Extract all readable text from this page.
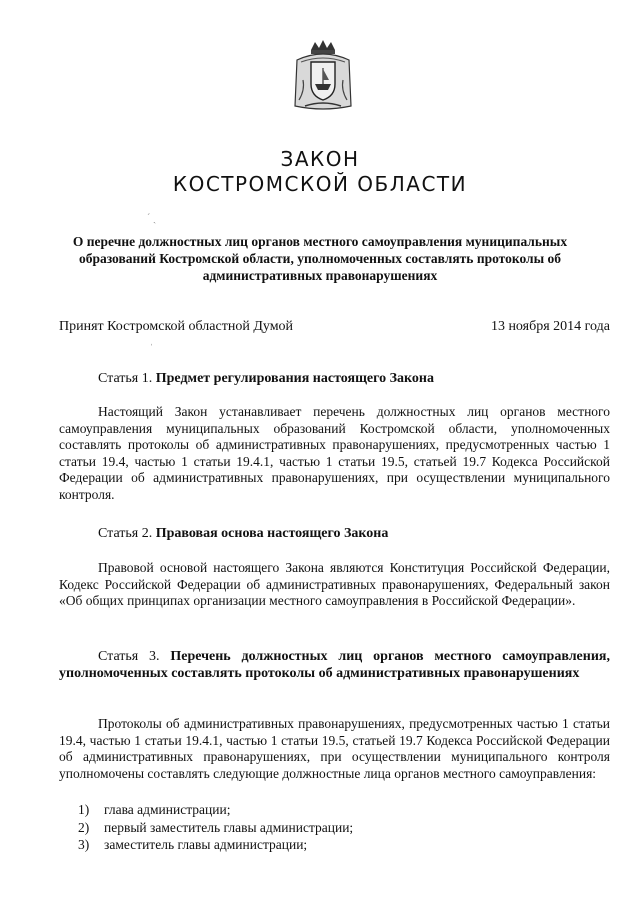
ЗАКОН
КОСТРОМСКОЙ ОБЛАСТИ
ˊ ˎ
О перечне должностных лиц органов местного самоуправления муниципальных образований Костромской области, уполномоченных составлять протоколы об административных правонарушениях
Принят Костромской областной Думой	13 ноября 2014 года
ˈ
Статья 1. Предмет регулирования настоящего Закона

Настоящий Закон устанавливает перечень должностных лиц органов местного самоуправления муниципальных образований Костромской области, уполномоченных составлять протоколы об административных правонарушениях, предусмотренных частью 1 статьи 19.4, частью 1 статьи 19.4.1, частью 1 статьи 19.5, статьей 19.7 Кодекса Российской Федерации об административных правонарушениях, при осуществлении муниципального контроля.

Статья 2. Правовая основа настоящего Закона

Правовой основой настоящего Закона являются Конституция Российской Федерации, Кодекс Российской Федерации об административных правонарушениях, Федеральный закон «Об общих принципах организации местного самоуправления в Российской Федерации».

Статья 3. Перечень должностных лиц органов местного самоуправления, уполномоченных составлять протоколы об административных правонарушениях

Протоколы об административных правонарушениях, предусмотренных частью 1 статьи 19.4, частью 1 статьи 19.4.1, частью 1 статьи 19.5, статьей 19.7 Кодекса Российской Федерации об административных правонарушениях, при осуществлении муниципального контроля уполномочены составлять следующие должностные лица органов местного самоуправления:

1) глава администрации;
2) первый заместитель главы администрации;
3) заместитель главы администрации;
